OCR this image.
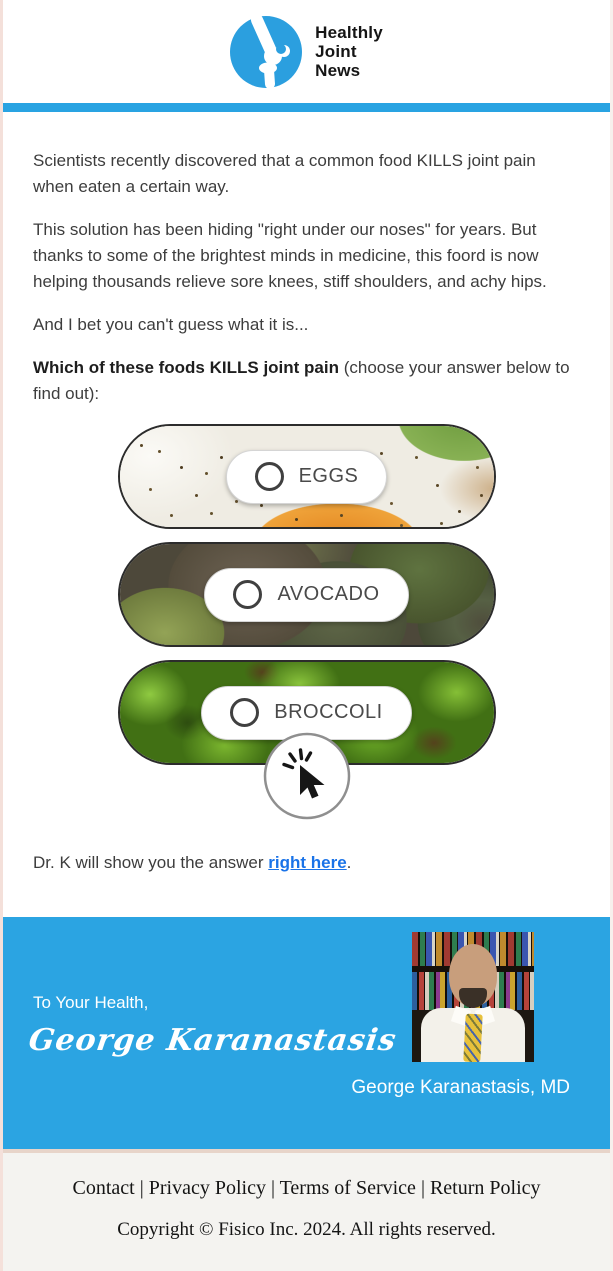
Healthly
Joint
News

Scientists recently discovered that a common food KILLS joint pain when eaten a certain way.

This solution has been hiding "right under our noses" for years. But thanks to some of the brightest minds in medicine, this foord is now helping thousands relieve sore knees, stiff shoulders, and achy hips.

And I bet you can't guess what it is...

Which of these foods KILLS joint pain (choose your answer below to find out):

EGGS
AVOCADO
BROCCOLI

Dr. K will show you the answer right here.

To Your Health,
George Karanastasis
George Karanastasis, MD
Contact | Privacy Policy | Terms of Service | Return Policy
Copyright © Fisico Inc. 2024. All rights reserved.
